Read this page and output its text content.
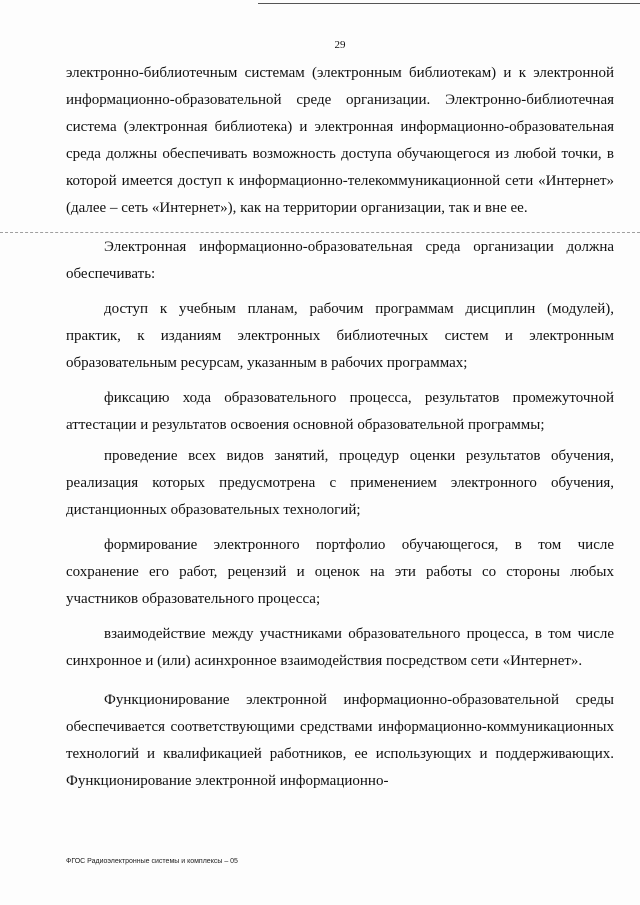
29

электронно-библиотечным системам (электронным библиотекам) и к электронной информационно-образовательной среде организации. Электронно-библиотечная система (электронная библиотека) и электронная информационно-образовательная среда должны обеспечивать возможность доступа обучающегося из любой точки, в которой имеется доступ к информационно-телекоммуникационной сети «Интернет» (далее – сеть «Интернет»), как на территории организации, так и вне ее.

Электронная информационно-образовательная среда организации должна обеспечивать:

доступ к учебным планам, рабочим программам дисциплин (модулей), практик, к изданиям электронных библиотечных систем и электронным образовательным ресурсам, указанным в рабочих программах;

фиксацию хода образовательного процесса, результатов промежуточной аттестации и результатов освоения основной образовательной программы;

проведение всех видов занятий, процедур оценки результатов обучения, реализация которых предусмотрена с применением электронного обучения, дистанционных образовательных технологий;

формирование электронного портфолио обучающегося, в том числе сохранение его работ, рецензий и оценок на эти работы со стороны любых участников образовательного процесса;

взаимодействие между участниками образовательного процесса, в том числе синхронное и (или) асинхронное взаимодействия посредством сети «Интернет».

Функционирование электронной информационно-образовательной среды обеспечивается соответствующими средствами информационно-коммуникационных технологий и квалификацией работников, ее использующих и поддерживающих. Функционирование электронной информационно-

ФГОС Радиоэлектронные системы и комплексы – 05
